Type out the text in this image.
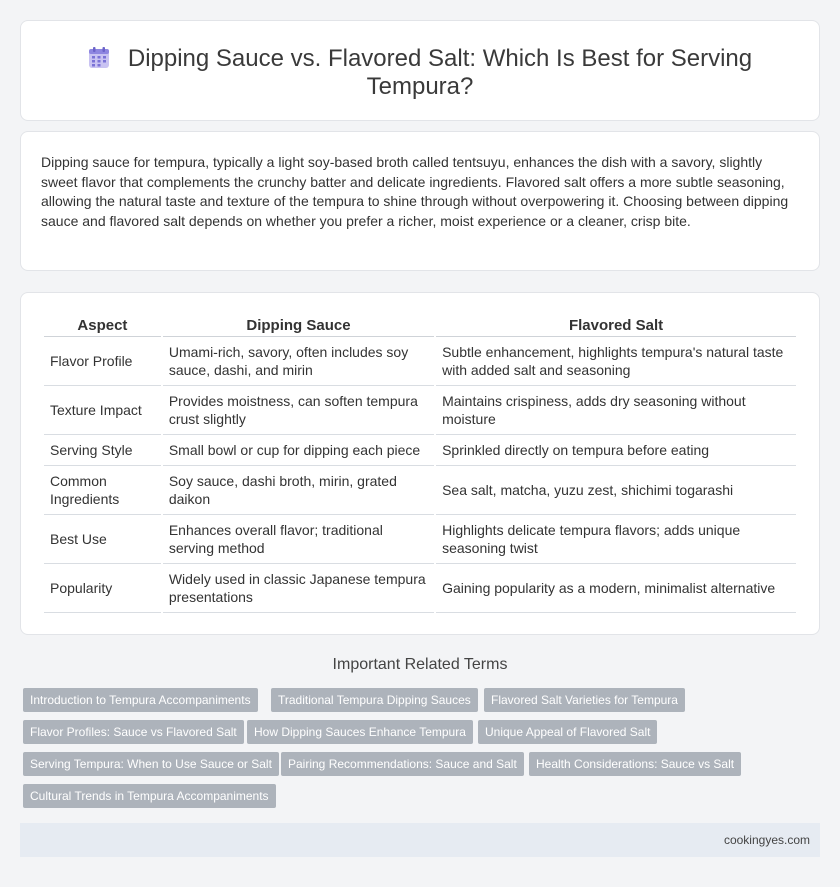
Dipping Sauce vs. Flavored Salt: Which Is Best for Serving Tempura?

Dipping sauce for tempura, typically a light soy-based broth called tentsuyu, enhances the dish with a savory, slightly sweet flavor that complements the crunchy batter and delicate ingredients. Flavored salt offers a more subtle seasoning, allowing the natural taste and texture of the tempura to shine through without overpowering it. Choosing between dipping sauce and flavored salt depends on whether you prefer a richer, moist experience or a cleaner, crisp bite.

Aspect	Dipping Sauce	Flavored Salt
Flavor Profile	Umami-rich, savory, often includes soy sauce, dashi, and mirin	Subtle enhancement, highlights tempura's natural taste with added salt and seasoning
Texture Impact	Provides moistness, can soften tempura crust slightly	Maintains crispiness, adds dry seasoning without moisture
Serving Style	Small bowl or cup for dipping each piece	Sprinkled directly on tempura before eating
Common Ingredients	Soy sauce, dashi broth, mirin, grated daikon	Sea salt, matcha, yuzu zest, shichimi togarashi
Best Use	Enhances overall flavor; traditional serving method	Highlights delicate tempura flavors; adds unique seasoning twist
Popularity	Widely used in classic Japanese tempura presentations	Gaining popularity as a modern, minimalist alternative
Important Related Terms
Introduction to Tempura Accompaniments	Traditional Tempura Dipping Sauces	Flavored Salt Varieties for Tempura
Flavor Profiles: Sauce vs Flavored Salt	How Dipping Sauces Enhance Tempura	Unique Appeal of Flavored Salt
Serving Tempura: When to Use Sauce or Salt	Pairing Recommendations: Sauce and Salt	Health Considerations: Sauce vs Salt
Cultural Trends in Tempura Accompaniments
cookingyes.com
